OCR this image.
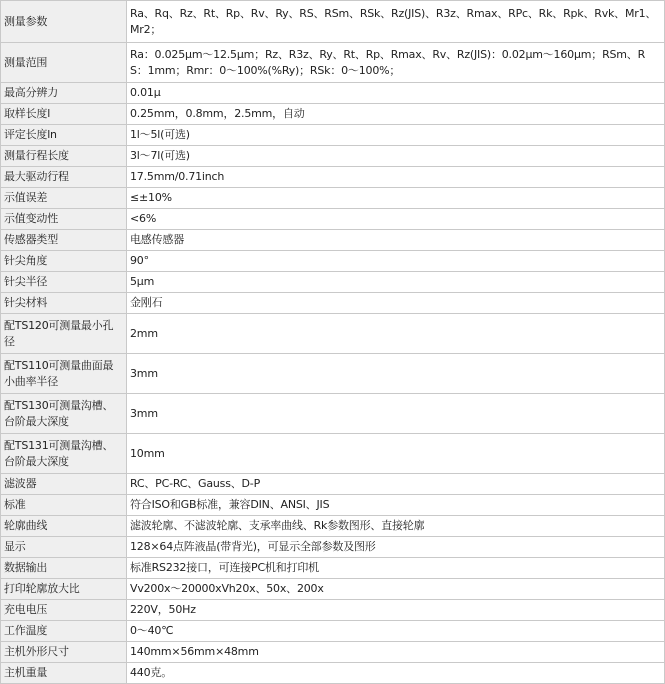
测量参数	Ra、Rq、Rz、Rt、Rp、Rv、Ry、RS、RSm、RSk、Rz(JIS)、R3z、Rmax、RPc、Rk、Rpk、Rvk、Mr1、Mr2；
测量范围	Ra：0.025μm～12.5μm；Rz、R3z、Ry、Rt、Rp、Rmax、Rv、Rz(JIS)：0.02μm～160μm；RSm、RS：1mm；Rmr：0～100%(%Ry)；RSk：0～100%；
最高分辨力	0.01μ
取样长度l	0.25mm，0.8mm，2.5mm，自动
评定长度ln	1l～5l(可选)
测量行程长度	3l～7l(可选)
最大驱动行程	17.5mm/0.71inch
示值误差	≤±10%
示值变动性	<6%
传感器类型	电感传感器
针尖角度	90°
针尖半径	5μm
针尖材料	金刚石
配TS120可测量最小孔径	2mm
配TS110可测量曲面最小曲率半径	3mm
配TS130可测量沟槽、台阶最大深度	3mm
配TS131可测量沟槽、台阶最大深度	10mm
滤波器	RC、PC-RC、Gauss、D-P
标准	符合ISO和GB标准，兼容DIN、ANSI、JIS
轮廓曲线	滤波轮廓、不滤波轮廓、支承率曲线、Rk参数图形、直接轮廓
显示	128×64点阵液晶(带背光)，可显示全部参数及图形
数据输出	标准RS232接口，可连接PC机和打印机
打印轮廓放大比	Vv200x～20000xVh20x、50x、200x
充电电压	220V，50Hz
工作温度	0～40℃
主机外形尺寸	140mm×56mm×48mm
主机重量	440克。
